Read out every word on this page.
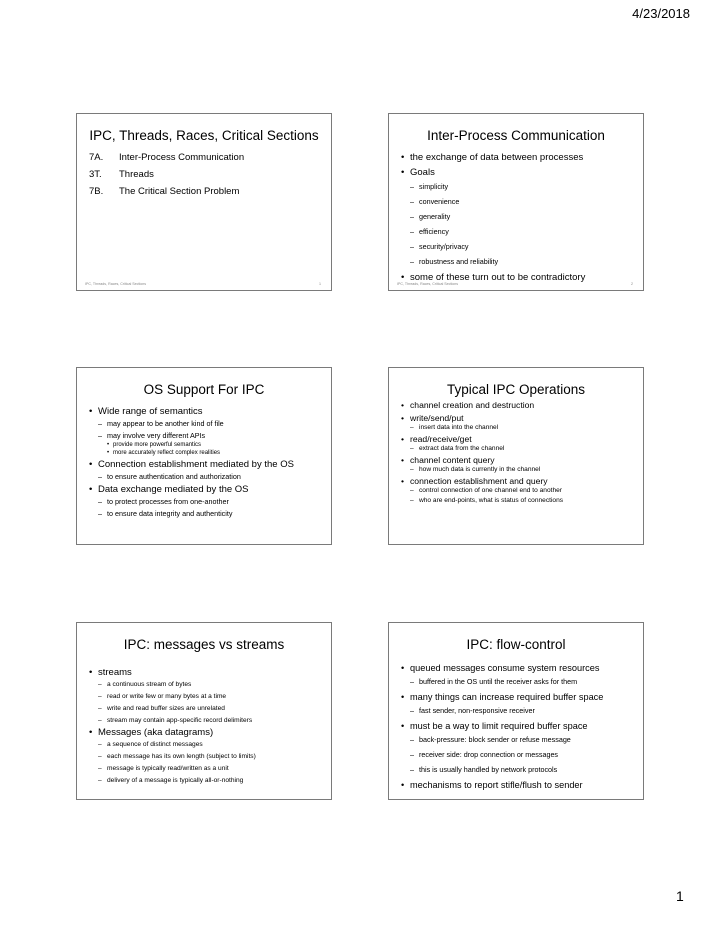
4/23/2018
IPC, Threads, Races, Critical Sections
7A. Inter-Process Communication
3T. Threads
7B. The Critical Section Problem
IPC, Threads, Races, Critical Sections	1
Inter-Process Communication
• the exchange of data between processes
• Goals
– simplicity
– convenience
– generality
– efficiency
– security/privacy
– robustness and reliability
• some of these turn out to be contradictory
IPC, Threads, Races, Critical Sections	2
OS Support For IPC
• Wide range of semantics
– may appear to be another kind of file
– may involve very different APIs
• provide more powerful semantics
• more accurately reflect complex realities
• Connection establishment mediated by the OS
– to ensure authentication and authorization
• Data exchange mediated by the OS
– to protect processes from one-another
– to ensure data integrity and authenticity
Typical IPC Operations
• channel creation and destruction
• write/send/put
– insert data into the channel
• read/receive/get
– extract data from the channel
• channel content query
– how much data is currently in the channel
• connection establishment and query
– control connection of one channel end to another
– who are end-points, what is status of connections
IPC: messages vs streams
• streams
– a continuous stream of bytes
– read or write few or many bytes at a time
– write and read buffer sizes are unrelated
– stream may contain app-specific record delimiters
• Messages (aka datagrams)
– a sequence of distinct messages
– each message has its own length (subject to limits)
– message is typically read/written as a unit
– delivery of a message is typically all-or-nothing
IPC: flow-control
• queued messages consume system resources
– buffered in the OS until the receiver asks for them
• many things can increase required buffer space
– fast sender, non-responsive receiver
• must be a way to limit required buffer space
– back-pressure: block sender or refuse message
– receiver side: drop connection or messages
– this is usually handled by network protocols
• mechanisms to report stifle/flush to sender
1
